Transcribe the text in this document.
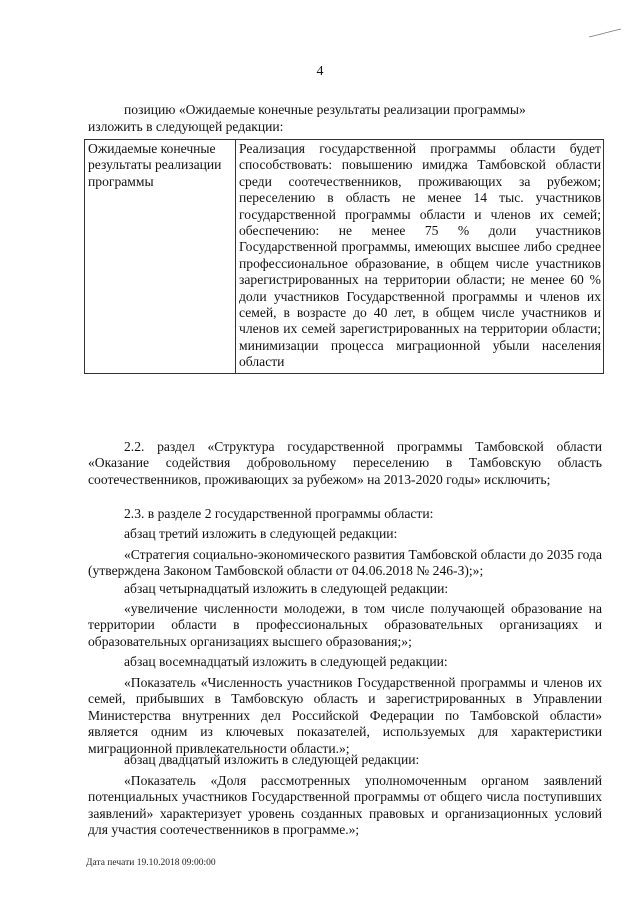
4

позицию «Ожидаемые конечные результаты реализации программы»

изложить в следующей редакции:

Ожидаемые конечные результаты реализации программы	Реализация государственной программы области будет способствовать: повышению имиджа Тамбовской области среди соотечественников, проживающих за рубежом; переселению в область не менее 14 тыс. участников государственной программы области и членов их семей; обеспечению: не менее 75 % доли участников Государственной программы, имеющих высшее либо среднее профессиональное образование, в общем числе участников зарегистрированных на территории области; не менее 60 % доли участников Государственной программы и членов их семей, в возрасте до 40 лет, в общем числе участников и членов их семей зарегистрированных на территории области; минимизации процесса миграционной убыли населения области

2.2. раздел «Структура государственной программы Тамбовской области «Оказание содействия добровольному переселению в Тамбовскую область соотечественников, проживающих за рубежом» на 2013-2020 годы» исключить;

2.3. в разделе 2 государственной программы области:

абзац третий изложить в следующей редакции:

«Стратегия социально-экономического развития Тамбовской области до 2035 года (утверждена Законом Тамбовской области от 04.06.2018 № 246-З);»;

абзац четырнадцатый изложить в следующей редакции:

«увеличение численности молодежи, в том числе получающей образование на территории области в профессиональных образовательных организациях и образовательных организациях высшего образования;»;

абзац восемнадцатый изложить в следующей редакции:

«Показатель «Численность участников Государственной программы и членов их семей, прибывших в Тамбовскую область и зарегистрированных в Управлении Министерства внутренних дел Российской Федерации по Тамбовской области» является одним из ключевых показателей, используемых для характеристики миграционной привлекательности области.»;

абзац двадцатый изложить в следующей редакции:

«Показатель «Доля рассмотренных уполномоченным органом заявлений потенциальных участников Государственной программы от общего числа поступивших заявлений» характеризует уровень созданных правовых и организационных условий для участия соотечественников в программе.»;

Дата печати 19.10.2018 09:00:00
